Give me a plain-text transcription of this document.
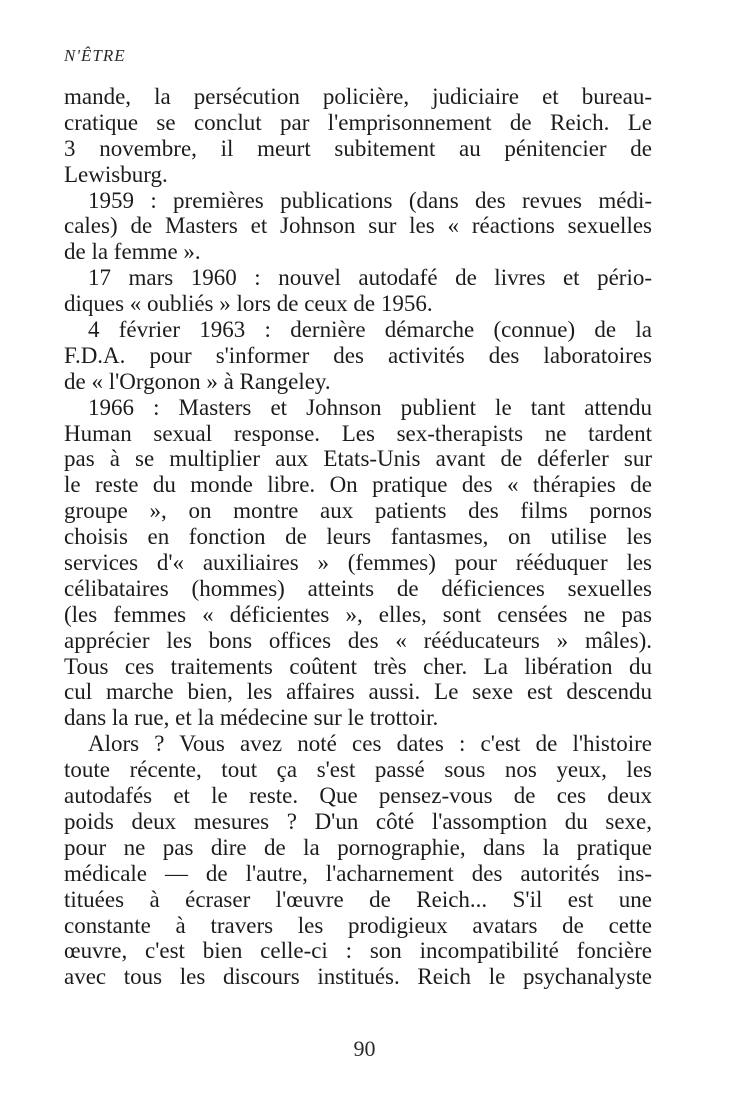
N'ÊTRE
mande, la persécution policière, judiciaire et bureau-
cratique se conclut par l'emprisonnement de Reich. Le
3 novembre, il meurt subitement au pénitencier de
Lewisburg.
1959 : premières publications (dans des revues médi-
cales) de Masters et Johnson sur les « réactions sexuelles
de la femme ».
17 mars 1960 : nouvel autodafé de livres et pério-
diques « oubliés » lors de ceux de 1956.
4 février 1963 : dernière démarche (connue) de la
F.D.A. pour s'informer des activités des laboratoires
de « l'Orgonon » à Rangeley.
1966 : Masters et Johnson publient le tant attendu
Human sexual response. Les sex-therapists ne tardent
pas à se multiplier aux Etats-Unis avant de déferler sur
le reste du monde libre. On pratique des « thérapies de
groupe », on montre aux patients des films pornos
choisis en fonction de leurs fantasmes, on utilise les
services d'« auxiliaires » (femmes) pour rééduquer les
célibataires (hommes) atteints de déficiences sexuelles
(les femmes « déficientes », elles, sont censées ne pas
apprécier les bons offices des « rééducateurs » mâles).
Tous ces traitements coûtent très cher. La libération du
cul marche bien, les affaires aussi. Le sexe est descendu
dans la rue, et la médecine sur le trottoir.
Alors ? Vous avez noté ces dates : c'est de l'histoire
toute récente, tout ça s'est passé sous nos yeux, les
autodafés et le reste. Que pensez-vous de ces deux
poids deux mesures ? D'un côté l'assomption du sexe,
pour ne pas dire de la pornographie, dans la pratique
médicale — de l'autre, l'acharnement des autorités ins-
tituées à écraser l'œuvre de Reich... S'il est une
constante à travers les prodigieux avatars de cette
œuvre, c'est bien celle-ci : son incompatibilité foncière
avec tous les discours institués. Reich le psychanalyste
90
